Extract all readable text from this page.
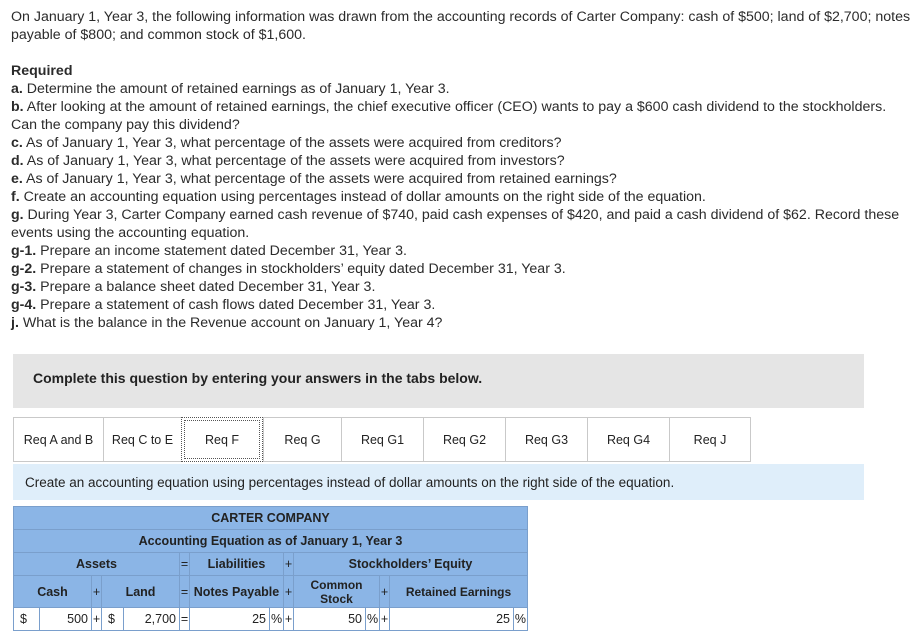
On January 1, Year 3, the following information was drawn from the accounting records of Carter Company: cash of $500; land of $2,700; notes payable of $800; and common stock of $1,600.

Required

a. Determine the amount of retained earnings as of January 1, Year 3.

b. After looking at the amount of retained earnings, the chief executive officer (CEO) wants to pay a $600 cash dividend to the stockholders. Can the company pay this dividend?

c. As of January 1, Year 3, what percentage of the assets were acquired from creditors?

d. As of January 1, Year 3, what percentage of the assets were acquired from investors?

e. As of January 1, Year 3, what percentage of the assets were acquired from retained earnings?

f. Create an accounting equation using percentages instead of dollar amounts on the right side of the equation.

g. During Year 3, Carter Company earned cash revenue of $740, paid cash expenses of $420, and paid a cash dividend of $62. Record these events using the accounting equation.

g-1. Prepare an income statement dated December 31, Year 3.

g-2. Prepare a statement of changes in stockholders’ equity dated December 31, Year 3.

g-3. Prepare a balance sheet dated December 31, Year 3.

g-4. Prepare a statement of cash flows dated December 31, Year 3.

j. What is the balance in the Revenue account on January 1, Year 4?

Complete this question by entering your answers in the tabs below.
Req A and B	Req C to E	Req F	Req G	Req G1	Req G2	Req G3	Req G4	Req J
Create an accounting equation using percentages instead of dollar amounts on the right side of the equation.
CARTER COMPANY													
Accounting Equation as of January 1, Year 3													
Assets					=	Liabilities		+	Stockholders’ Equity				
Cash		+	Land		=	Notes Payable		+	Common Stock		+	Retained Earnings	
$	500	+	$	2,700	=	25	%	+	50	%	+	25	%
